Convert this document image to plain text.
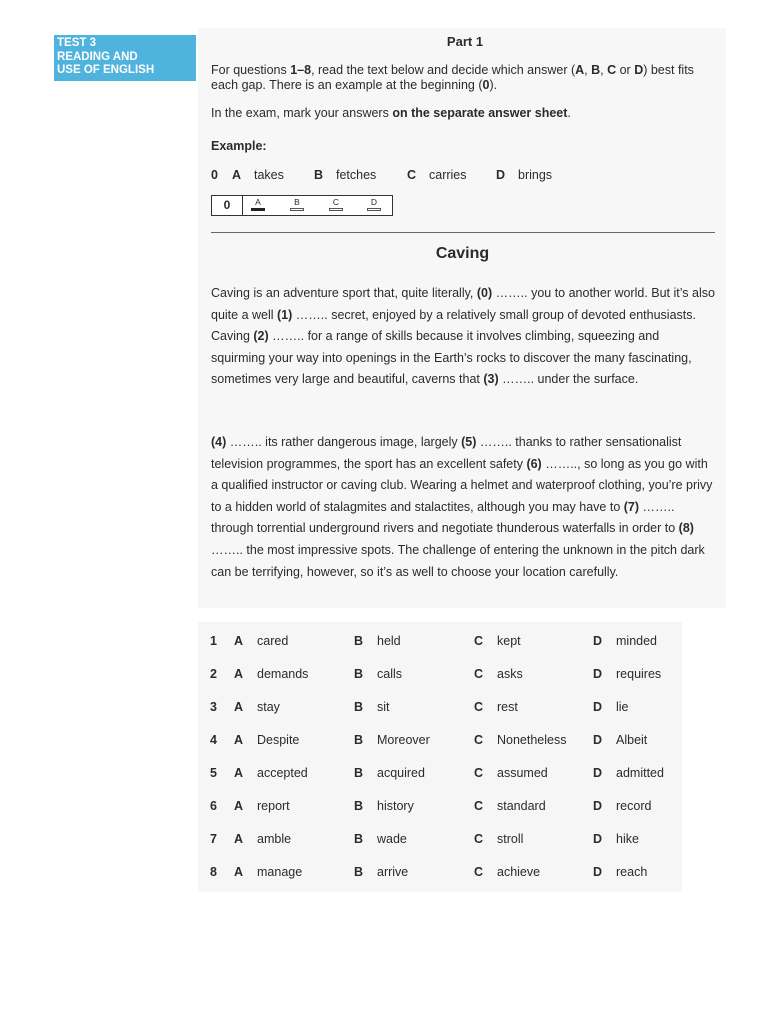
TEST 3
READING AND
USE OF ENGLISH
Part 1
For questions 1–8, read the text below and decide which answer (A, B, C or D) best fits each gap. There is an example at the beginning (0).
In the exam, mark your answers on the separate answer sheet.
Example:
0 A takes B fetches C carries D brings
0	A	B	C	D
Caving
Caving is an adventure sport that, quite literally, (0) …….. you to another world. But it’s also quite a well (1) …….. secret, enjoyed by a relatively small group of devoted enthusiasts. Caving (2) …….. for a range of skills because it involves climbing, squeezing and squirming your way into openings in the Earth’s rocks to discover the many fascinating, sometimes very large and beautiful, caverns that (3) …….. under the surface.
(4) …….. its rather dangerous image, largely (5) …….. thanks to rather sensationalist television programmes, the sport has an excellent safety (6) …….., so long as you go with a qualified instructor or caving club. Wearing a helmet and waterproof clothing, you’re privy to a hidden world of stalagmites and stalactites, although you may have to (7) …….. through torrential underground rivers and negotiate thunderous waterfalls in order to (8) …….. the most impressive spots. The challenge of entering the unknown in the pitch dark can be terrifying, however, so it’s as well to choose your location carefully.
1 A cared	B held	C kept	D minded
2 A demands	B calls	C asks	D requires
3 A stay	B sit	C rest	D lie
4 A Despite	B Moreover	C Nonetheless D Albeit
5 A accepted	B acquired	C assumed	D admitted
6 A report	B history	C standard	D record
7 A amble	B wade	C stroll	D hike
8 A manage	B arrive	C achieve	D reach
